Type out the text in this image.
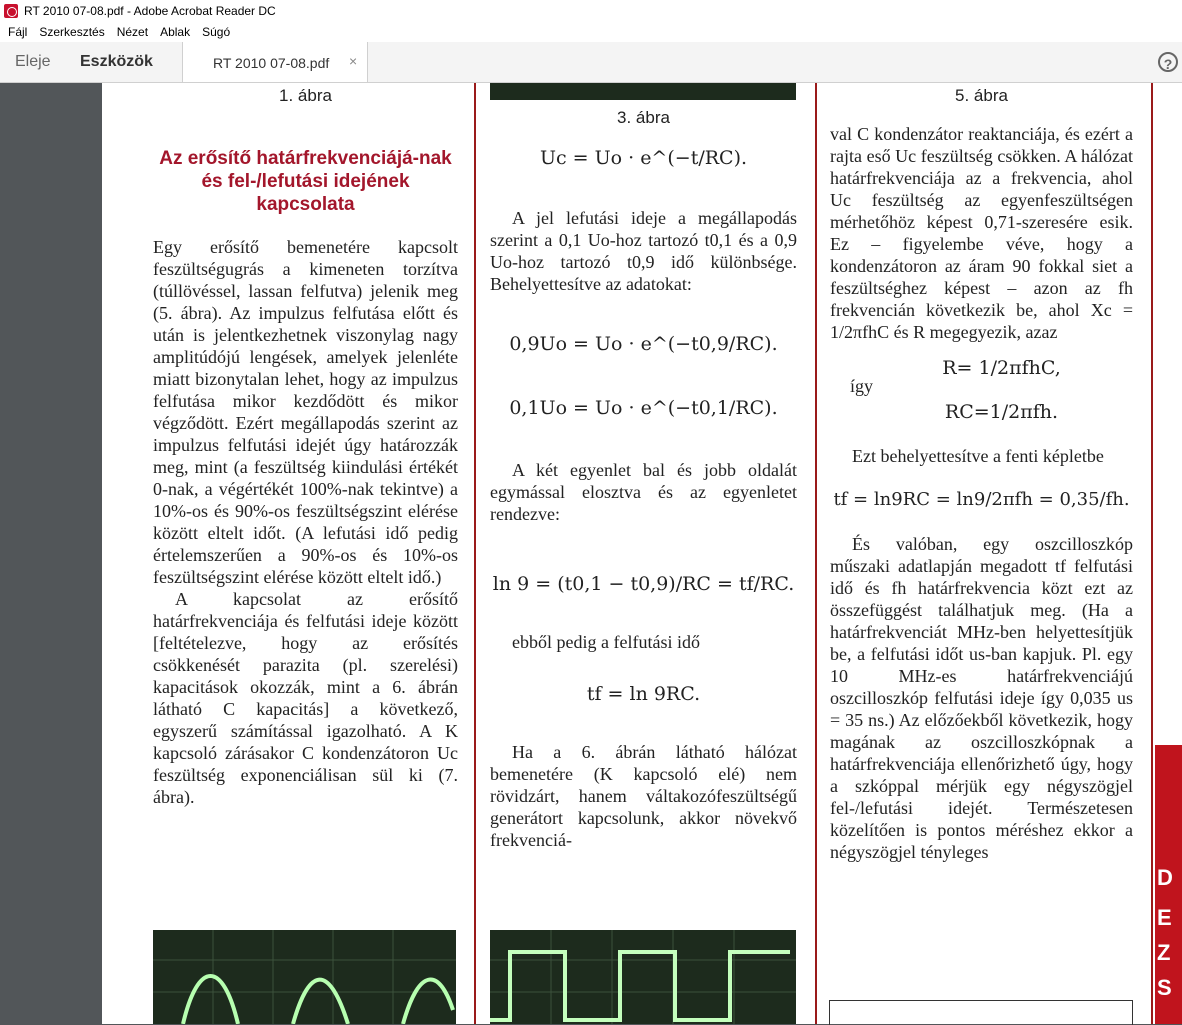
RT 2010 07-08.pdf - Adobe Acrobat Reader DC
Fájl Szerkesztés Nézet Ablak Súgó
Eleje Eszközök	RT 2010 07-08.pdf ×	?
1. ábra
Az erősítő határfrekvenciájá-nak és fel-/lefutási idejének kapcsolata

Egy erősítő bemenetére kapcsolt feszültségugrás a kimeneten torzítva (túllövéssel, lassan felfutva) jelenik meg (5. ábra). Az impulzus felfutása előtt és után is jelentkezhetnek viszonylag nagy amplitúdójú lengések, amelyek jelenléte miatt bizonytalan lehet, hogy az impulzus felfutása mikor kezdődött és mikor végződött. Ezért megállapodás szerint az impulzus felfutási idejét úgy határozzák meg, mint (a feszültség kiindulási értékét 0-nak, a végértékét 100%-nak tekintve) a 10%-os és 90%-os feszültségszint elérése között eltelt időt. (A lefutási idő pedig értelemszerűen a 90%-os és 10%-os feszültségszint elérése között eltelt idő.)

A kapcsolat az erősítő határfrekvenciája és felfutási ideje között [feltételezve, hogy az erősítés csökkenését parazita (pl. szerelési) kapacitások okozzák, mint a 6. ábrán látható C kapacitás] a következő, egyszerű számítással igazolható. A K kapcsoló zárásakor C kondenzátoron Uc feszültség exponenciálisan sül ki (7. ábra).

3. ábra
Uc = Uo · e^(−t/RC).

A jel lefutási ideje a megállapodás szerint a 0,1 Uo-hoz tartozó t0,1 és a 0,9 Uo-hoz tartozó t0,9 idő különbsége. Behelyettesítve az adatokat:

0,9Uo = Uo · e^(−t0,9/RC).
0,1Uo = Uo · e^(−t0,1/RC).

A két egyenlet bal és jobb oldalát egymással elosztva és az egyenletet rendezve:

ln 9 = (t0,1 − t0,9)/RC = tf/RC.

ebből pedig a felfutási idő

tf = ln 9RC.

Ha a 6. ábrán látható hálózat bemenetére (K kapcsoló elé) nem rövidzárt, hanem váltakozófeszültségű generátort kapcsolunk, akkor növekvő frekvenciá-

5. ábra

val C kondenzátor reaktanciája, és ezért a rajta eső Uc feszültség csökken. A hálózat határfrekvenciája az a frekvencia, ahol Uc feszültség az egyenfeszültségen mérhetőhöz képest 0,71-szeresére esik. Ez – figyelembe véve, hogy a kondenzátoron az áram 90 fokkal siet a feszültséghez képest – azon az fh frekvencián következik be, ahol Xc = 1/2πfhC és R megegyezik, azaz

R= 1/2πfhC,
így
RC=1/2πfh.

Ezt behelyettesítve a fenti képletbe

tf = ln9RC = ln9/2πfh = 0,35/fh.

És valóban, egy oszcilloszkóp műszaki adatlapján megadott tf felfutási idő és fh határfrekvencia közt ezt az összefüggést találhatjuk meg. (Ha a határfrekvenciát MHz-ben helyettesítjük be, a felfutási időt us-ban kapjuk. Pl. egy 10 MHz-es határfrekvenciájú oszcilloszkóp felfutási ideje így 0,035 us = 35 ns.) Az előzőekből következik, hogy magának az oszcilloszkópnak a határfrekvenciája ellenőrizhető úgy, hogy a szkóppal mérjük egy négyszögjel fel-/lefutási idejét. Természetesen közelítően is pontos méréshez ekkor a négyszögjel tényleges

D
E
Z
S
